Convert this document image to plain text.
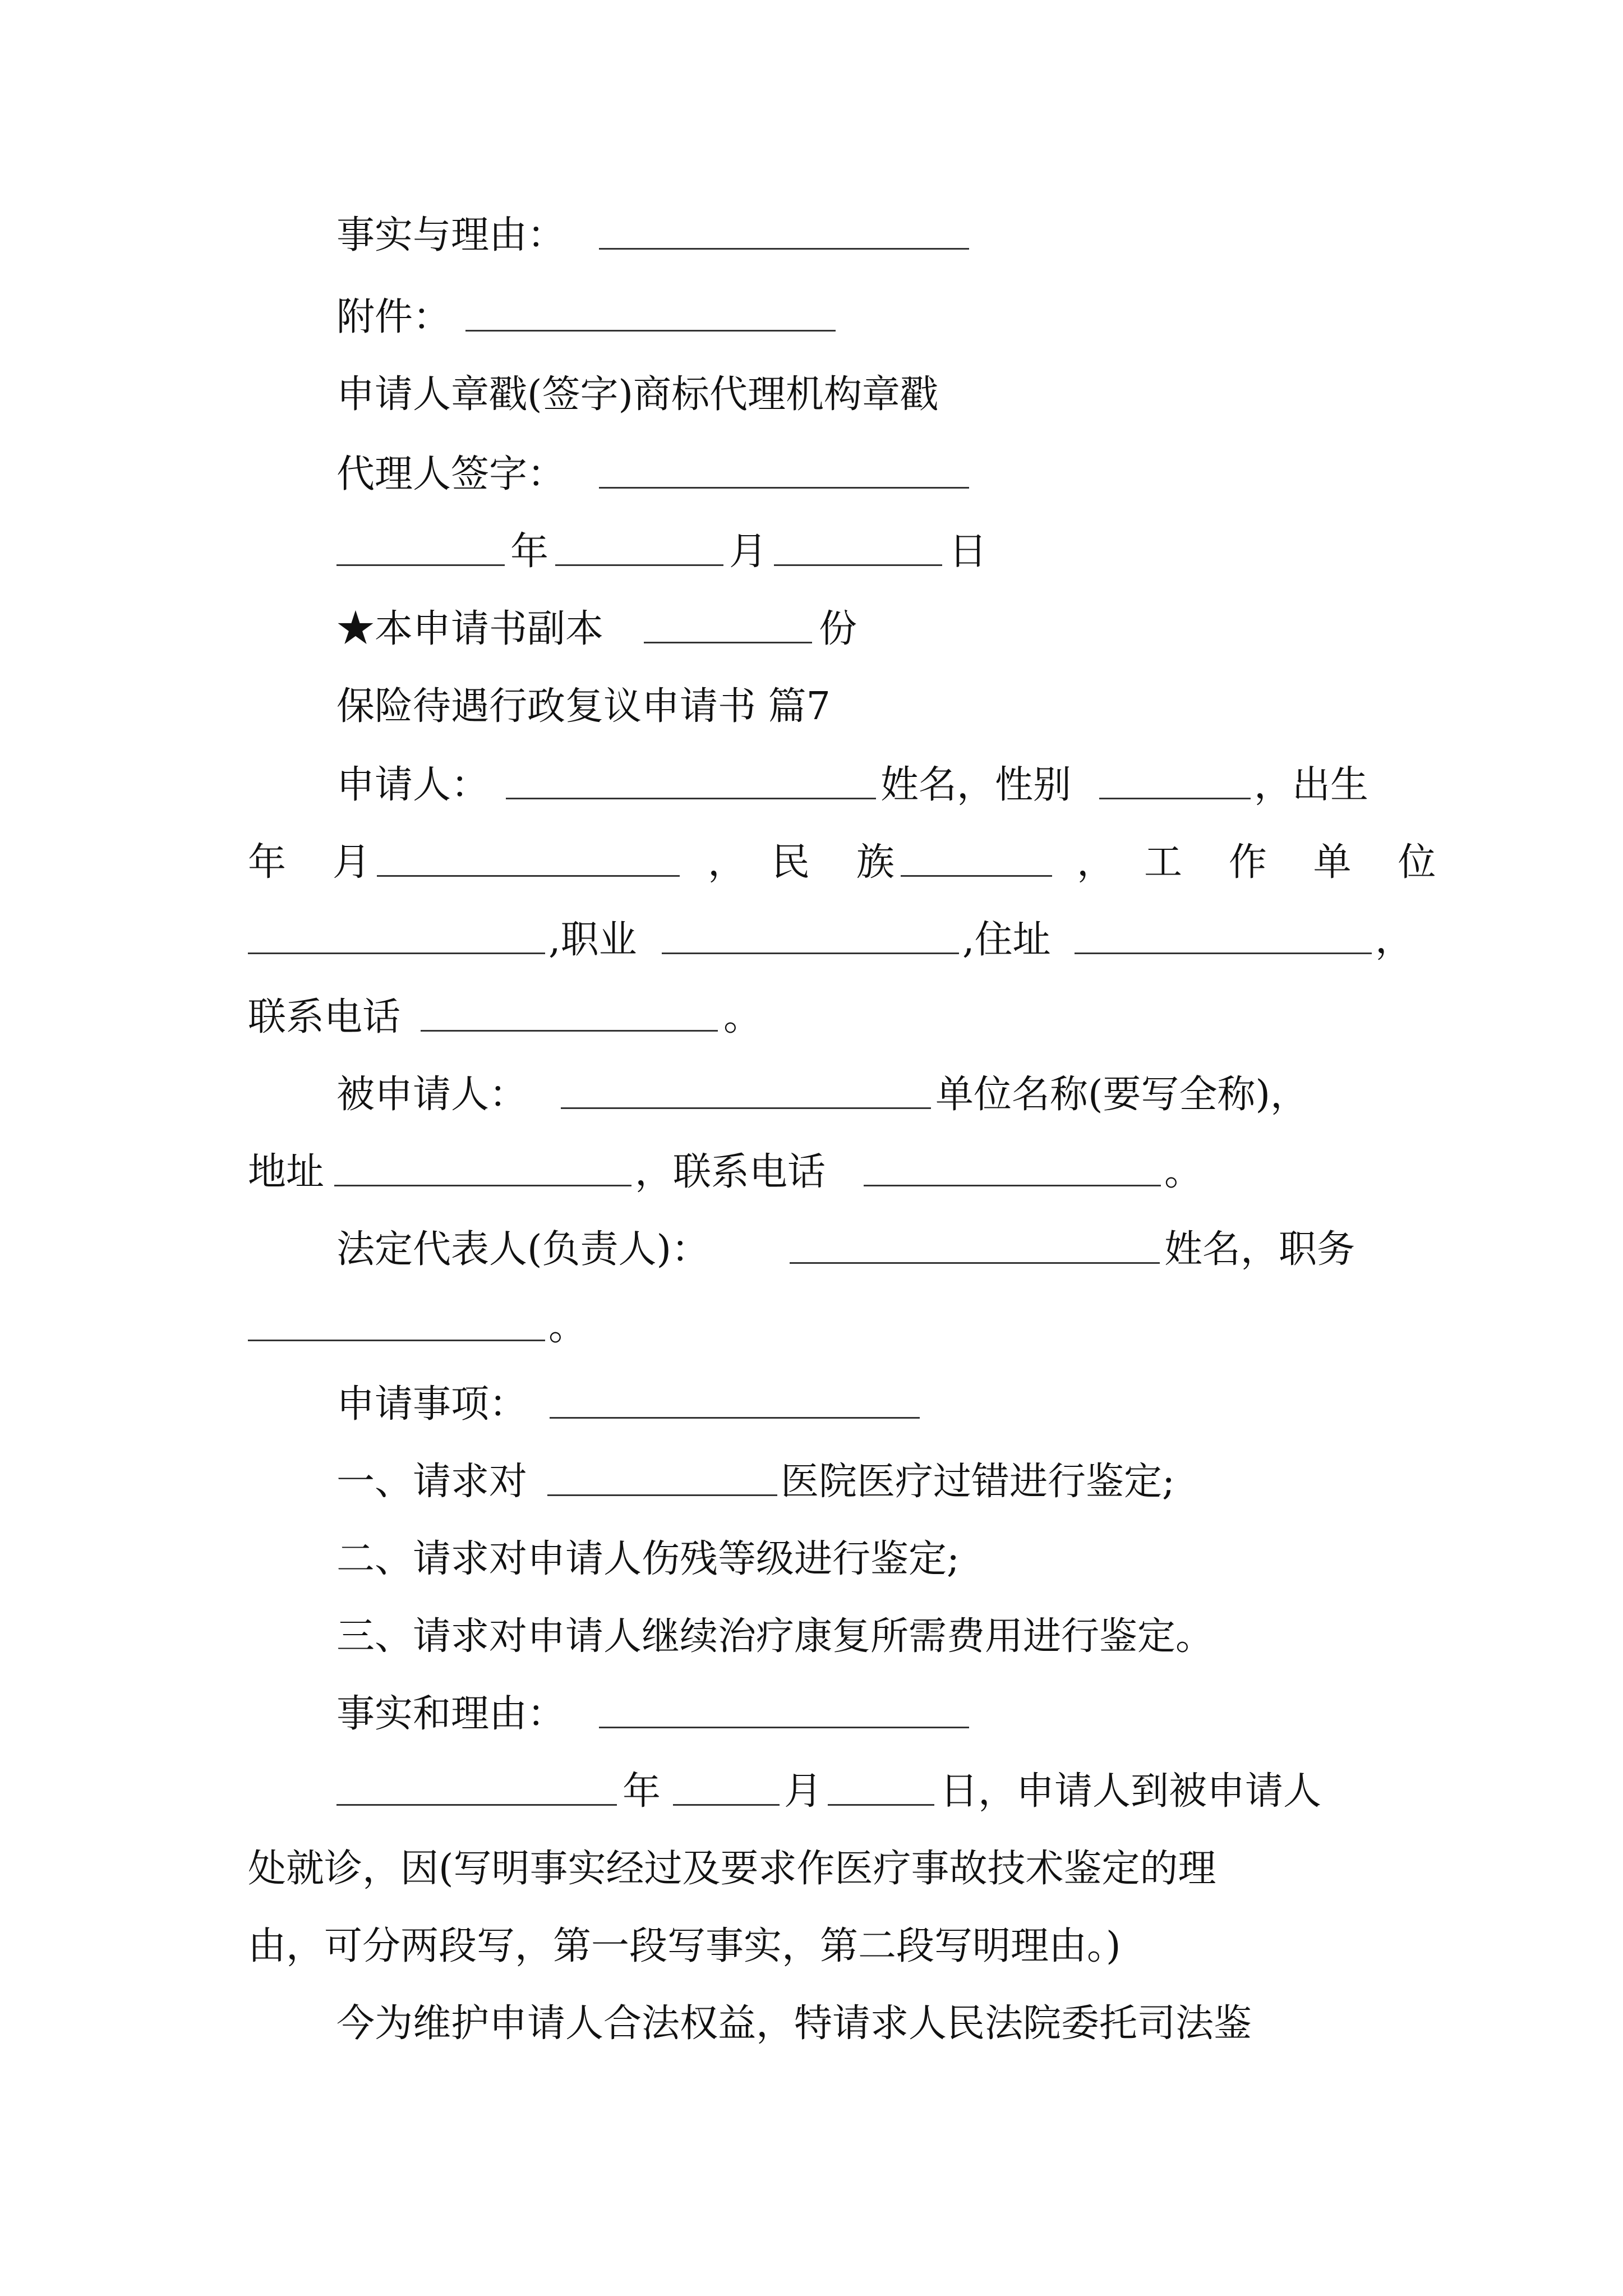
事实与理由：
附件：
申请人章戳(签字)商标代理机构章戳
代理人签字：
年	月	日
★本申请书副本	份
保险待遇行政复议申请书 篇7
申请人：	姓名，性别	，出生
年 月	， 民 族	， 工 作 单 位
,职业	,住址	，
联系电话	。
被申请人：	单位名称(要写全称)，
地址	，联系电话	。
法定代表人(负责人)：	姓名，职务
。
申请事项：
一、请求对	医院医疗过错进行鉴定;
二、请求对申请人伤残等级进行鉴定;
三、请求对申请人继续治疗康复所需费用进行鉴定。
事实和理由：
年	月	日，申请人到被申请人
处就诊，因(写明事实经过及要求作医疗事故技术鉴定的理
由，可分两段写，第一段写事实，第二段写明理由。)
今为维护申请人合法权益，特请求人民法院委托司法鉴
